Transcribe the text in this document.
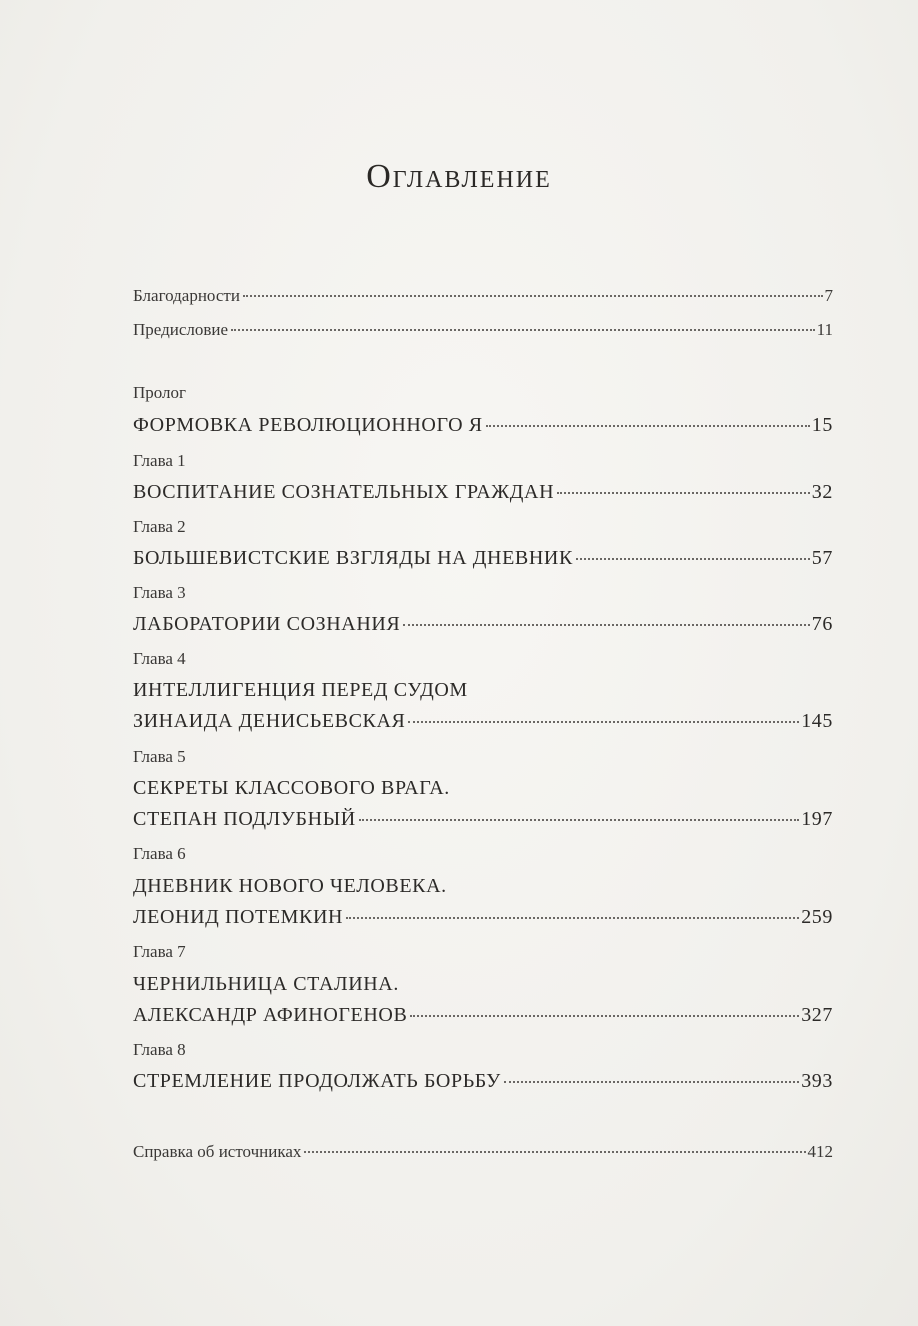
Оглавление
Благодарности	7
Предисловие	11
Пролог
ФОРМОВКА РЕВОЛЮЦИОННОГО Я	15
Глава 1
ВОСПИТАНИЕ СОЗНАТЕЛЬНЫХ ГРАЖДАН	32
Глава 2
БОЛЬШЕВИСТСКИЕ ВЗГЛЯДЫ НА ДНЕВНИК	57
Глава 3
ЛАБОРАТОРИИ СОЗНАНИЯ	76
Глава 4
ИНТЕЛЛИГЕНЦИЯ ПЕРЕД СУДОМ
ЗИНАИДА ДЕНИСЬЕВСКАЯ	145
Глава 5
СЕКРЕТЫ КЛАССОВОГО ВРАГА.
СТЕПАН ПОДЛУБНЫЙ	197
Глава 6
ДНЕВНИК НОВОГО ЧЕЛОВЕКА.
ЛЕОНИД ПОТЕМКИН	259
Глава 7
ЧЕРНИЛЬНИЦА СТАЛИНА.
АЛЕКСАНДР АФИНОГЕНОВ	327
Глава 8
СТРЕМЛЕНИЕ ПРОДОЛЖАТЬ БОРЬБУ	393
Справка об источниках	412
